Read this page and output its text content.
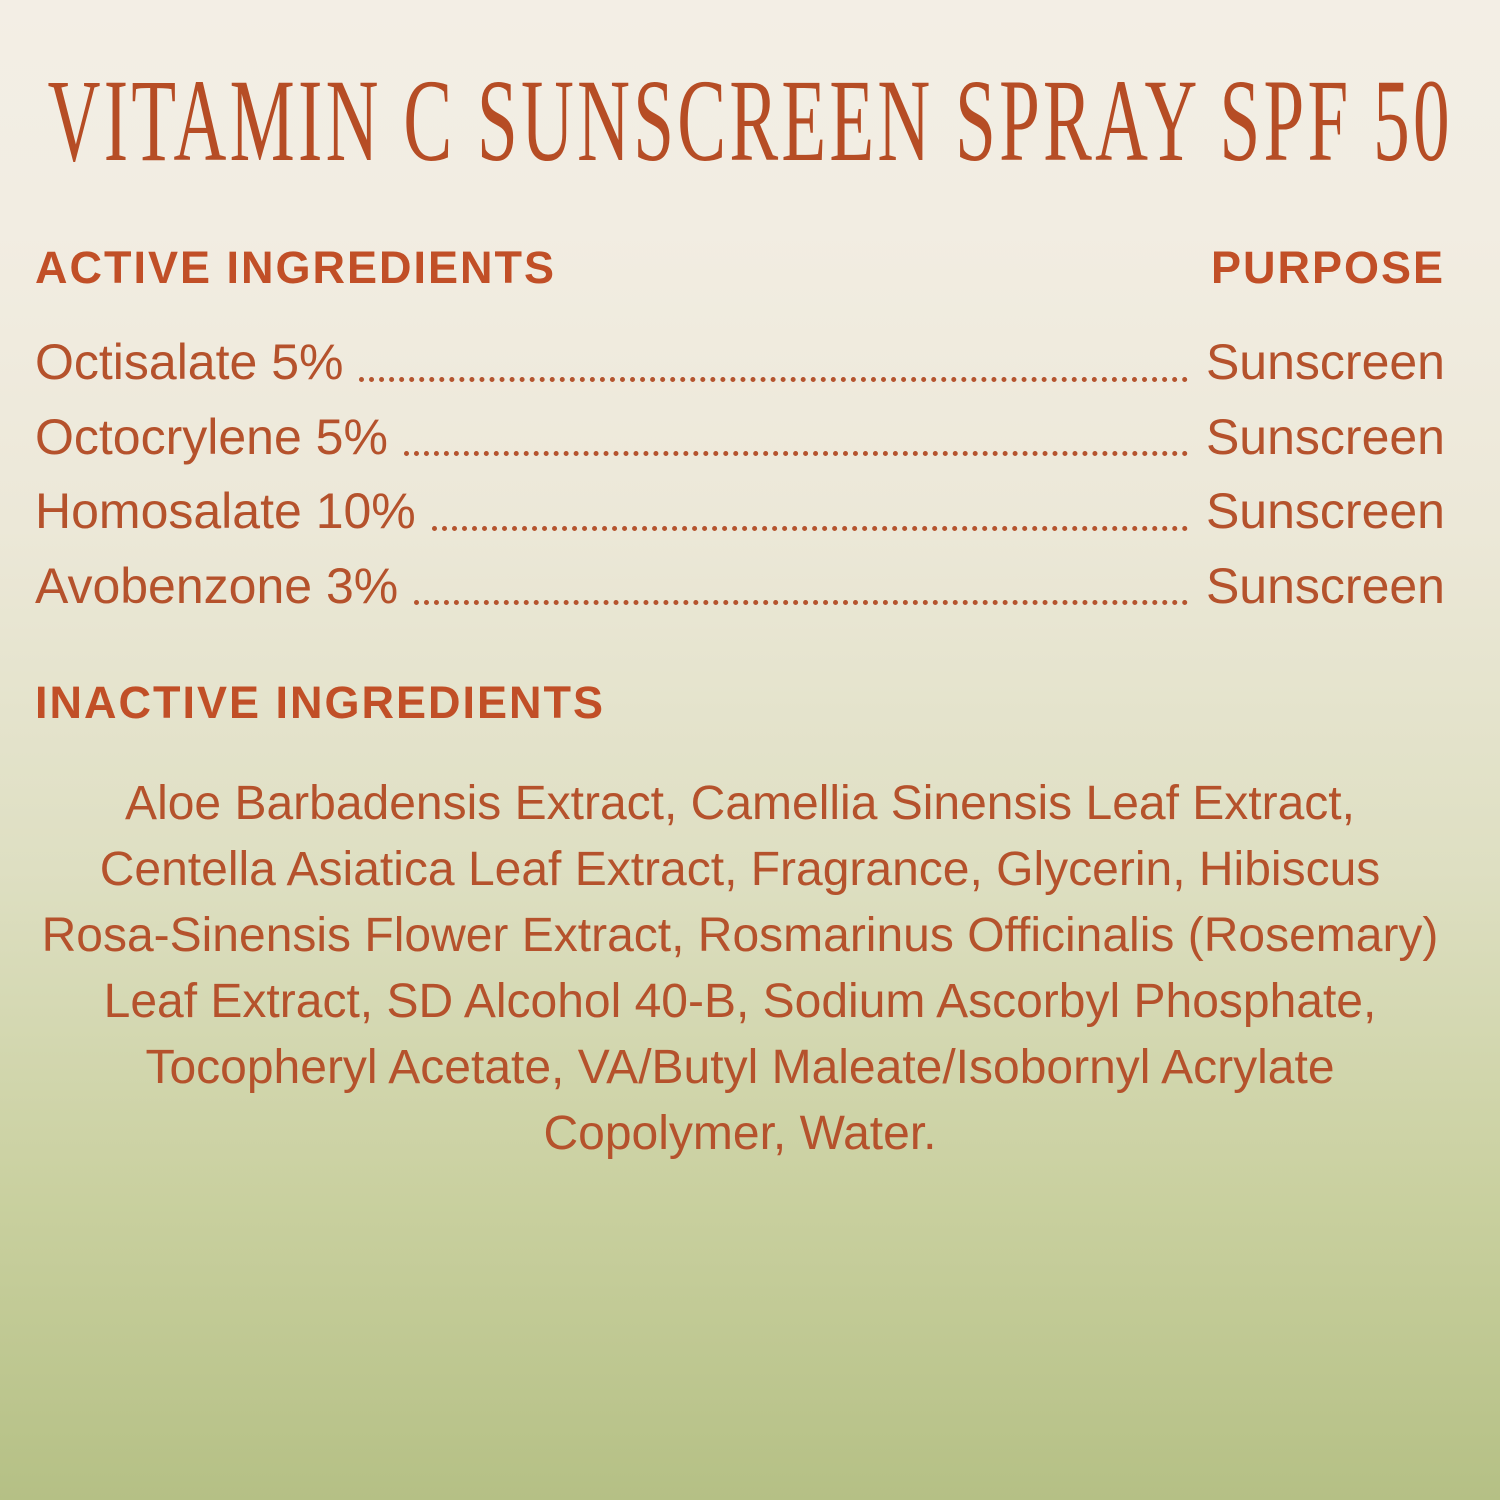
VITAMIN C SUNSCREEN SPRAY SPF 50
ACTIVE INGREDIENTS	PURPOSE
Octisalate 5%	Sunscreen
Octocrylene 5%	Sunscreen
Homosalate 10%	Sunscreen
Avobenzone 3%	Sunscreen
INACTIVE INGREDIENTS

Aloe Barbadensis Extract, Camellia Sinensis Leaf Extract, Centella Asiatica Leaf Extract, Fragrance, Glycerin, Hibiscus Rosa-Sinensis Flower Extract, Rosmarinus Officinalis (Rosemary) Leaf Extract, SD Alcohol 40-B, Sodium Ascorbyl Phosphate, Tocopheryl Acetate, VA/Butyl Maleate/Isobornyl Acrylate Copolymer, Water.
